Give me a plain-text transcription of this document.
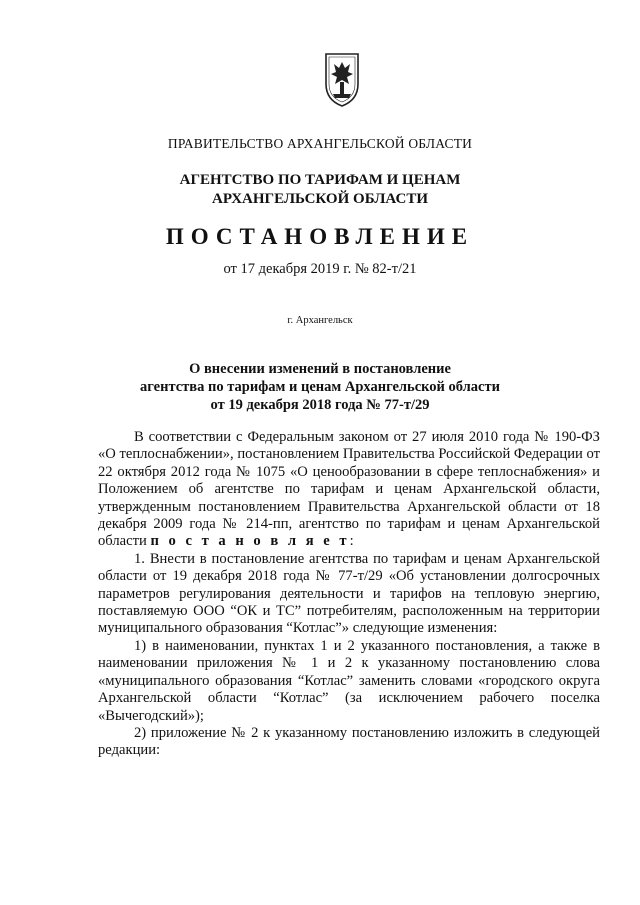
ПРАВИТЕЛЬСТВО АРХАНГЕЛЬСКОЙ ОБЛАСТИ
АГЕНТСТВО ПО ТАРИФАМ И ЦЕНАМ
АРХАНГЕЛЬСКОЙ ОБЛАСТИ
ПОСТАНОВЛЕНИЕ
от 17 декабря 2019 г. № 82-т/21
г. Архангельск
О внесении изменений в постановление
агентства по тарифам и ценам Архангельской области
от 19 декабря 2018 года № 77-т/29

В соответствии с Федеральным законом от 27 июля 2010 года № 190-ФЗ «О теплоснабжении», постановлением Правительства Российской Федерации от 22 октября 2012 года № 1075 «О ценообразовании в сфере теплоснабжения» и Положением об агентстве по тарифам и ценам Архангельской области, утвержденным постановлением Правительства Архангельской области от 18 декабря 2009 года № 214-пп, агентство по тарифам и ценам Архангельской области п о с т а н о в л я е т:

1. Внести в постановление агентства по тарифам и ценам Архангельской области от 19 декабря 2018 года № 77-т/29 «Об установлении долгосрочных параметров регулирования деятельности и тарифов на тепловую энергию, поставляемую ООО “ОК и ТС” потребителям, расположенным на территории муниципального образования “Котлас”» следующие изменения:

1) в наименовании, пунктах 1 и 2 указанного постановления, а также в наименовании приложения № 1 и 2 к указанному постановлению слова «муниципального образования “Котлас” заменить словами «городского округа Архангельской области “Котлас” (за исключением рабочего поселка «Вычегодский»);

2) приложение № 2 к указанному постановлению изложить в следующей редакции:
